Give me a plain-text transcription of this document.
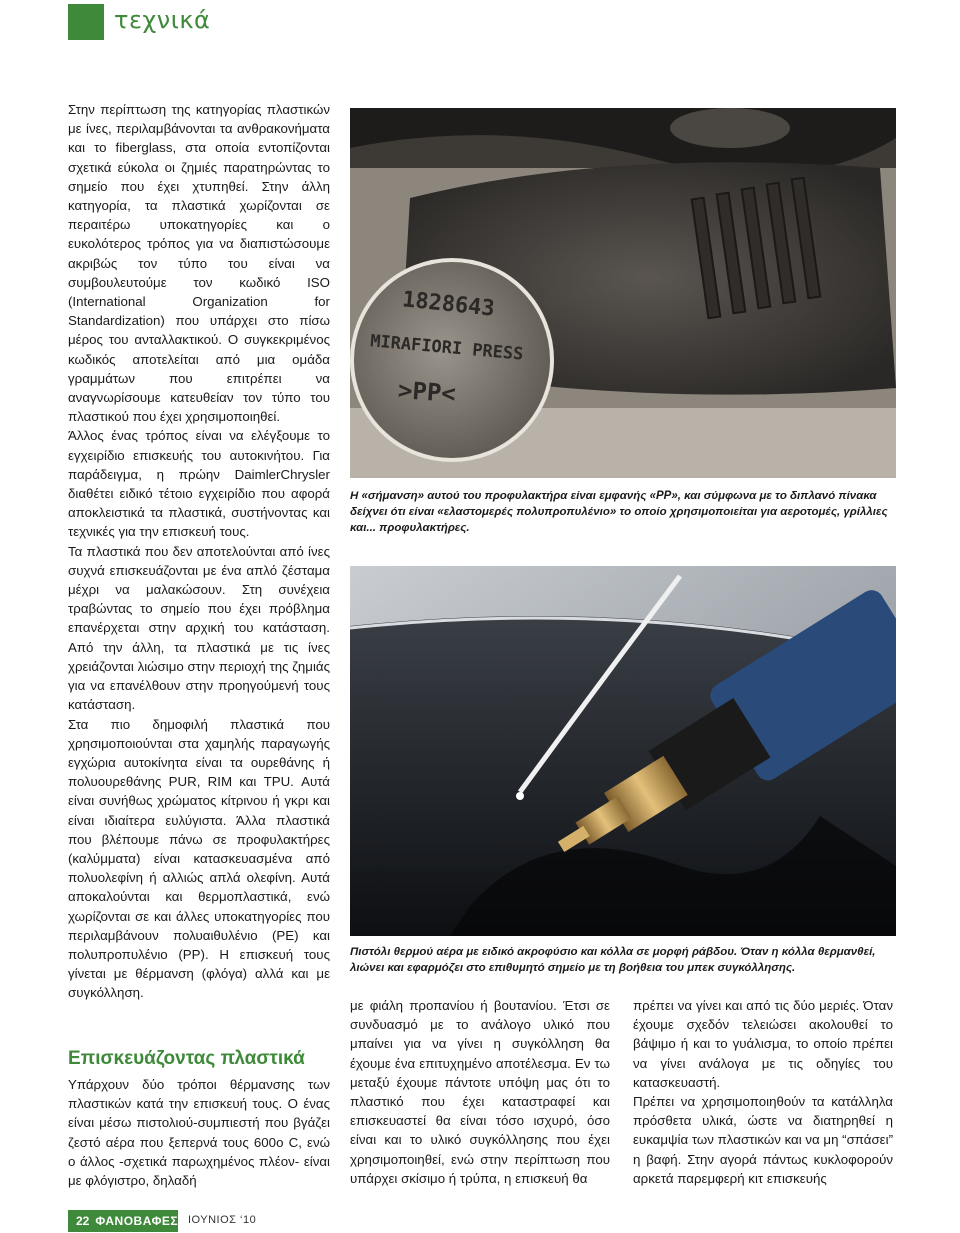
τεχνικά

Στην περίπτωση της κατηγορίας πλαστικών με ίνες, περιλαμβάνονται τα ανθρακονήματα και το fiberglass, στα οποία εντοπίζονται σχετικά εύκολα οι ζημιές παρατηρώντας το σημείο που έχει χτυπηθεί. Στην άλλη κατηγορία, τα πλαστικά χωρίζονται σε περαιτέρω υποκατηγορίες και ο ευκολότερος τρόπος για να διαπιστώσουμε ακριβώς τον τύπο του είναι να συμβουλευτούμε τον κωδικό ISO (International Organization for Standardization) που υπάρχει στο πίσω μέρος του ανταλλακτικού. Ο συγκεκριμένος κωδικός αποτελείται από μια ομάδα γραμμάτων που επιτρέπει να αναγνωρίσουμε κατευθείαν τον τύπο του πλαστικού που έχει χρησιμοποιηθεί.

Άλλος ένας τρόπος είναι να ελέγξουμε το εγχειρίδιο επισκευής του αυτοκινήτου. Για παράδειγμα, η πρώην DaimlerChrysler διαθέτει ειδικό τέτοιο εγχειρίδιο που αφορά αποκλειστικά τα πλαστικά, συστήνοντας και τεχνικές για την επισκευή τους.

Τα πλαστικά που δεν αποτελούνται από ίνες συχνά επισκευάζονται με ένα απλό ζέσταμα μέχρι να μαλακώσουν. Στη συνέχεια τραβώντας το σημείο που έχει πρόβλημα επανέρχεται στην αρχική του κατάσταση. Από την άλλη, τα πλαστικά με τις ίνες χρειάζονται λιώσιμο στην περιοχή της ζημιάς για να επανέλθουν στην προηγούμενή τους κατάσταση.

Στα πιο δημοφιλή πλαστικά που χρησιμοποιούνται στα χαμηλής παραγωγής εγχώρια αυτοκίνητα είναι τα ουρεθάνης ή πολυουρεθάνης PUR, RIM και TPU. Αυτά είναι συνήθως χρώματος κίτρινου ή γκρι και είναι ιδιαίτερα ευλύγιστα. Άλλα πλαστικά που βλέπουμε πάνω σε προφυλακτήρες (καλύμματα) είναι κατασκευασμένα από πολυολεφίνη ή αλλιώς απλά ολεφίνη. Αυτά αποκαλούνται και θερμοπλαστικά, ενώ χωρίζονται σε και άλλες υποκατηγορίες που περιλαμβάνουν πολυαιθυλένιο (PE) και πολυπροπυλένιο (PP). Η επισκευή τους γίνεται με θέρμανση (φλόγα) αλλά και με συγκόλληση.

Επισκευάζοντας πλαστικά

Υπάρχουν δύο τρόποι θέρμανσης των πλαστικών κατά την επισκευή τους. Ο ένας είναι μέσω πιστολιού-συμπιεστή που βγάζει ζεστό αέρα που ξεπερνά τους 600ο C, ενώ ο άλλος -σχετικά παρωχημένος πλέον- είναι με φλόγιστρο, δηλαδή

1828643
MIRAFIORI PRESS
>PP<
Η «σήμανση» αυτού του προφυλακτήρα είναι εμφανής «PP», και σύμφωνα με το διπλανό πίνακα δείχνει ότι είναι «ελαστομερές πολυπροπυλένιο» το οποίο χρησιμοποιείται για αεροτομές, γρίλλιες και... προφυλακτήρες.
Πιστόλι θερμού αέρα με ειδικό ακροφύσιο και κόλλα σε μορφή ράβδου. Όταν η κόλλα θερμανθεί, λιώνει και εφαρμόζει στο επιθυμητό σημείο με τη βοήθεια του μπεκ συγκόλλησης.

με φιάλη προπανίου ή βουτανίου. Έτσι σε συνδυασμό με το ανάλογο υλικό που μπαίνει για να γίνει η συγκόλληση θα έχουμε ένα επιτυχημένο αποτέλεσμα. Εν τω μεταξύ έχουμε πάντοτε υπόψη μας ότι το πλαστικό που έχει καταστραφεί και επισκευαστεί θα είναι τόσο ισχυρό, όσο είναι και το υλικό συγκόλλησης που έχει χρησιμοποιηθεί, ενώ στην περίπτωση που υπάρχει σκίσιμο ή τρύπα, η επισκευή θα

πρέπει να γίνει και από τις δύο μεριές. Όταν έχουμε σχεδόν τελειώσει ακολουθεί το βάψιμο ή και το γυάλισμα, το οποίο πρέπει να γίνει ανάλογα με τις οδηγίες του κατασκευαστή.

Πρέπει να χρησιμοποιηθούν τα κατάλληλα πρόσθετα υλικά, ώστε να διατηρηθεί η ευκαμψία των πλαστικών και να μη “σπάσει” η βαφή. Στην αγορά πάντως κυκλοφορούν αρκετά παρεμφερή κιτ επισκευής

22 ΦΑΝΟΒΑΦΕΣ ΙΟΥΝΙΟΣ ‘10
